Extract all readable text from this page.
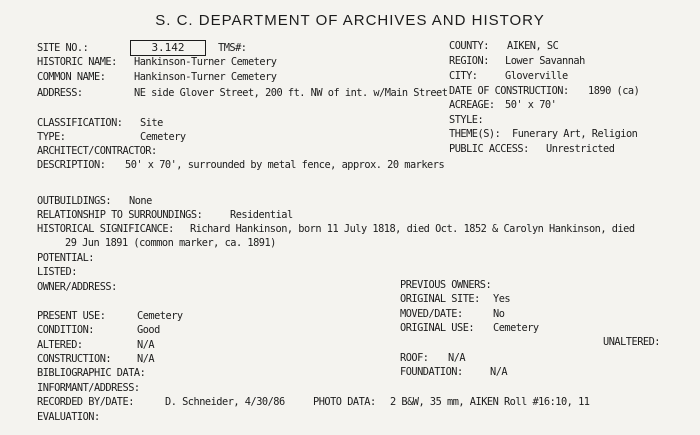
S. C. DEPARTMENT OF ARCHIVES AND HISTORY
SITE NO.:	3.142	TMS#:
HISTORIC NAME: Hankinson-Turner Cemetery
COMMON NAME:	Hankinson-Turner Cemetery
ADDRESS:	NE side Glover Street, 200 ft. NW of int. w/Main Street
COUNTY: AIKEN, SC
REGION: Lower Savannah
CITY:	Gloverville
DATE OF CONSTRUCTION: 1890 (ca)
ACREAGE: 50' x 70'
STYLE:
THEME(S): Funerary Art, Religion
PUBLIC ACCESS: Unrestricted
CLASSIFICATION: Site
TYPE:	Cemetery
ARCHITECT/CONTRACTOR:
DESCRIPTION: 50' x 70', surrounded by metal fence, approx. 20 markers
OUTBUILDINGS: None
RELATIONSHIP TO SURROUNDINGS:	Residential
HISTORICAL SIGNIFICANCE: Richard Hankinson, born 11 July 1818, died Oct. 1852 & Carolyn Hankinson, died
29 Jun 1891 (common marker, ca. 1891)
POTENTIAL:
LISTED:
OWNER/ADDRESS:	PREVIOUS OWNERS:
ORIGINAL SITE: Yes
MOVED/DATE:	No
ORIGINAL USE: Cemetery
UNALTERED:
ROOF: N/A
FOUNDATION:	N/A
PRESENT USE:	Cemetery
CONDITION:	Good
ALTERED:	N/A
CONSTRUCTION:	N/A
BIBLIOGRAPHIC DATA:
INFORMANT/ADDRESS:
RECORDED BY/DATE:	D. Schneider, 4/30/86	PHOTO DATA: 2 B&W, 35 mm, AIKEN Roll #16:10, 11
EVALUATION:
